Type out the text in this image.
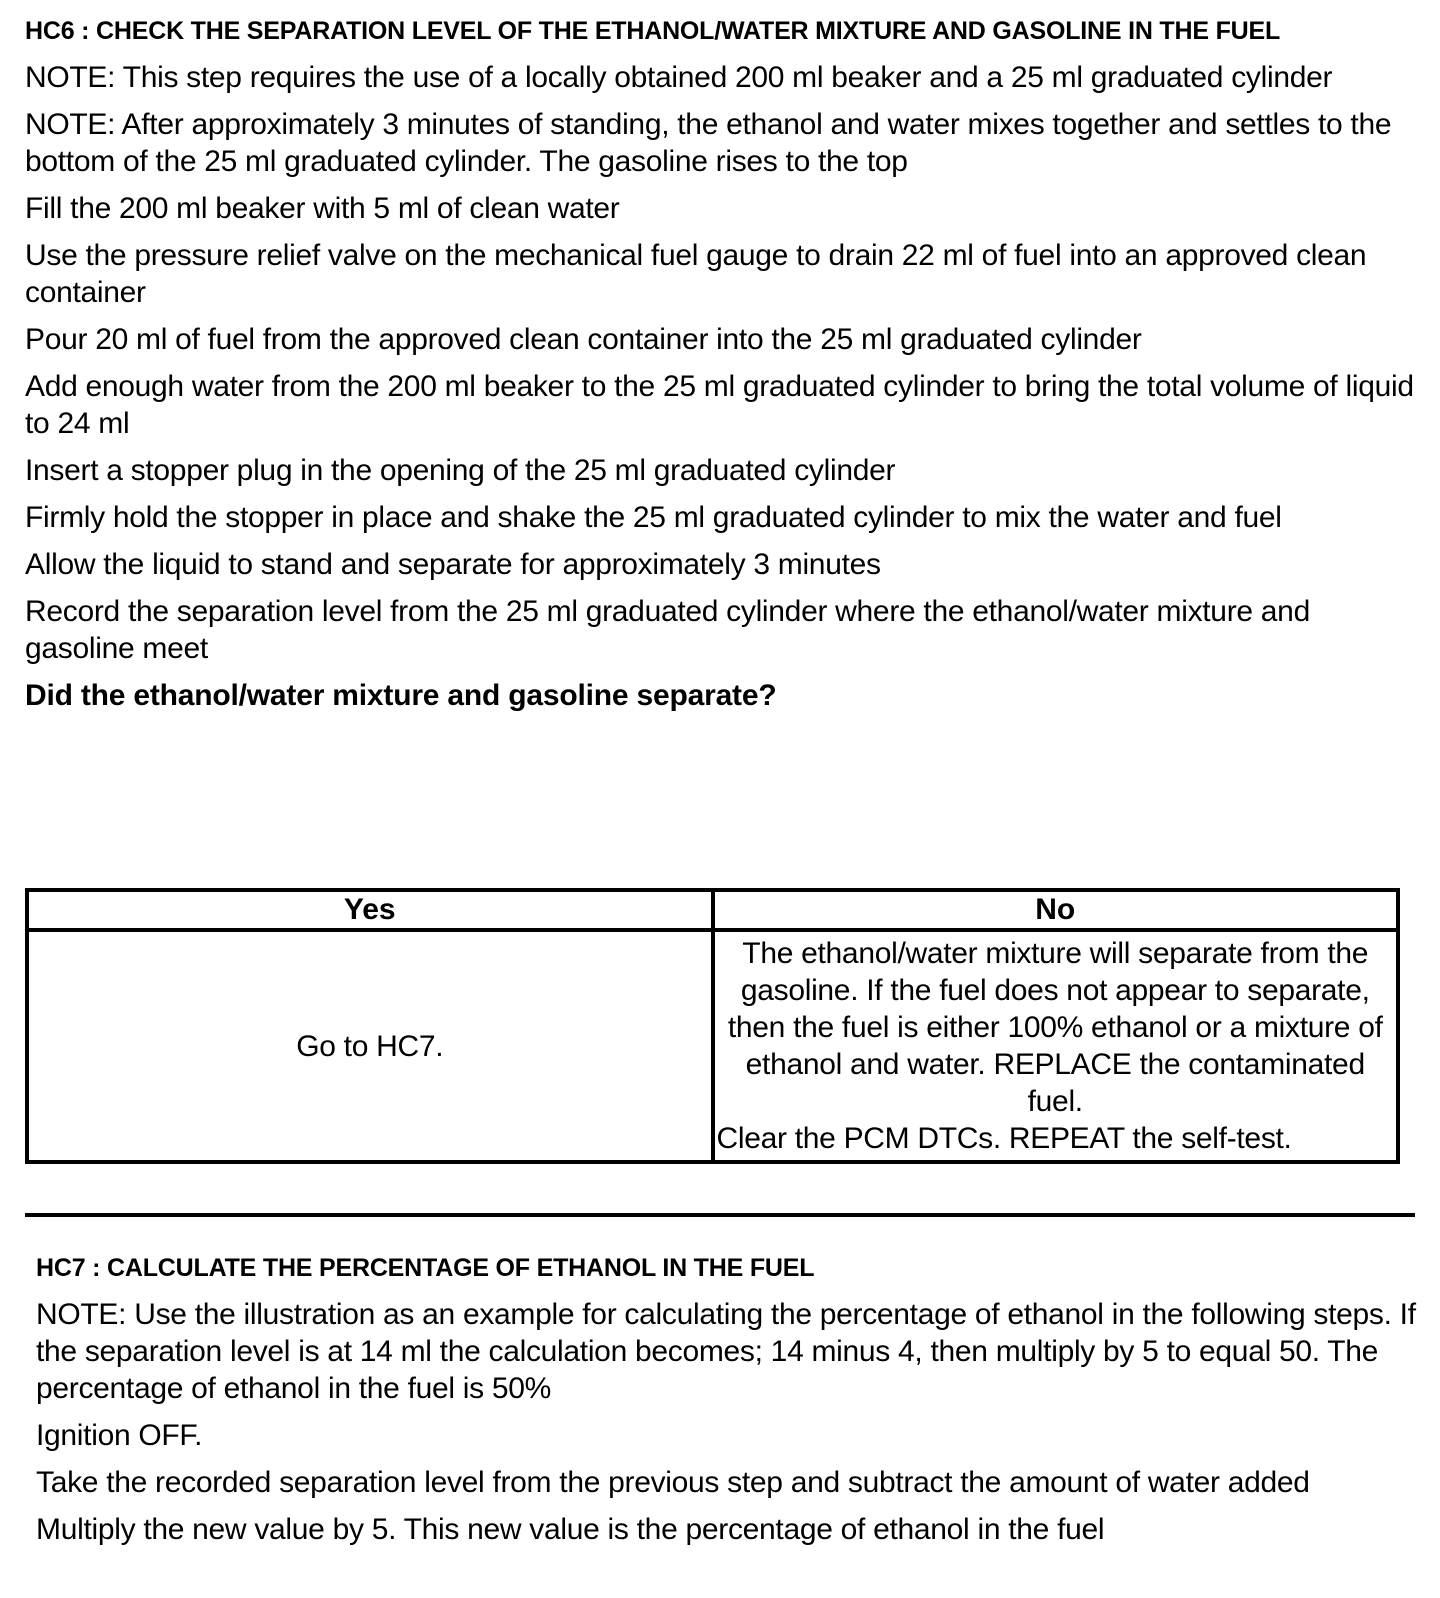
HC6 : CHECK THE SEPARATION LEVEL OF THE ETHANOL/WATER MIXTURE AND GASOLINE IN THE FUEL
NOTE: This step requires the use of a locally obtained 200 ml beaker and a 25 ml graduated cylinder
NOTE: After approximately 3 minutes of standing, the ethanol and water mixes together and settles to the bottom of the 25 ml graduated cylinder. The gasoline rises to the top
Fill the 200 ml beaker with 5 ml of clean water
Use the pressure relief valve on the mechanical fuel gauge to drain 22 ml of fuel into an approved clean container
Pour 20 ml of fuel from the approved clean container into the 25 ml graduated cylinder
Add enough water from the 200 ml beaker to the 25 ml graduated cylinder to bring the total volume of liquid to 24 ml
Insert a stopper plug in the opening of the 25 ml graduated cylinder
Firmly hold the stopper in place and shake the 25 ml graduated cylinder to mix the water and fuel
Allow the liquid to stand and separate for approximately 3 minutes
Record the separation level from the 25 ml graduated cylinder where the ethanol/water mixture and gasoline meet
Did the ethanol/water mixture and gasoline separate?
Yes	No
Go to HC7.	The ethanol/water mixture will separate from the gasoline. If the fuel does not appear to separate, then the fuel is either 100% ethanol or a mixture of ethanol and water. REPLACE the contaminated fuel.
Clear the PCM DTCs. REPEAT the self-test.
HC7 : CALCULATE THE PERCENTAGE OF ETHANOL IN THE FUEL
NOTE: Use the illustration as an example for calculating the percentage of ethanol in the following steps. If the separation level is at 14 ml the calculation becomes; 14 minus 4, then multiply by 5 to equal 50. The percentage of ethanol in the fuel is 50%
Ignition OFF.
Take the recorded separation level from the previous step and subtract the amount of water added
Multiply the new value by 5. This new value is the percentage of ethanol in the fuel
